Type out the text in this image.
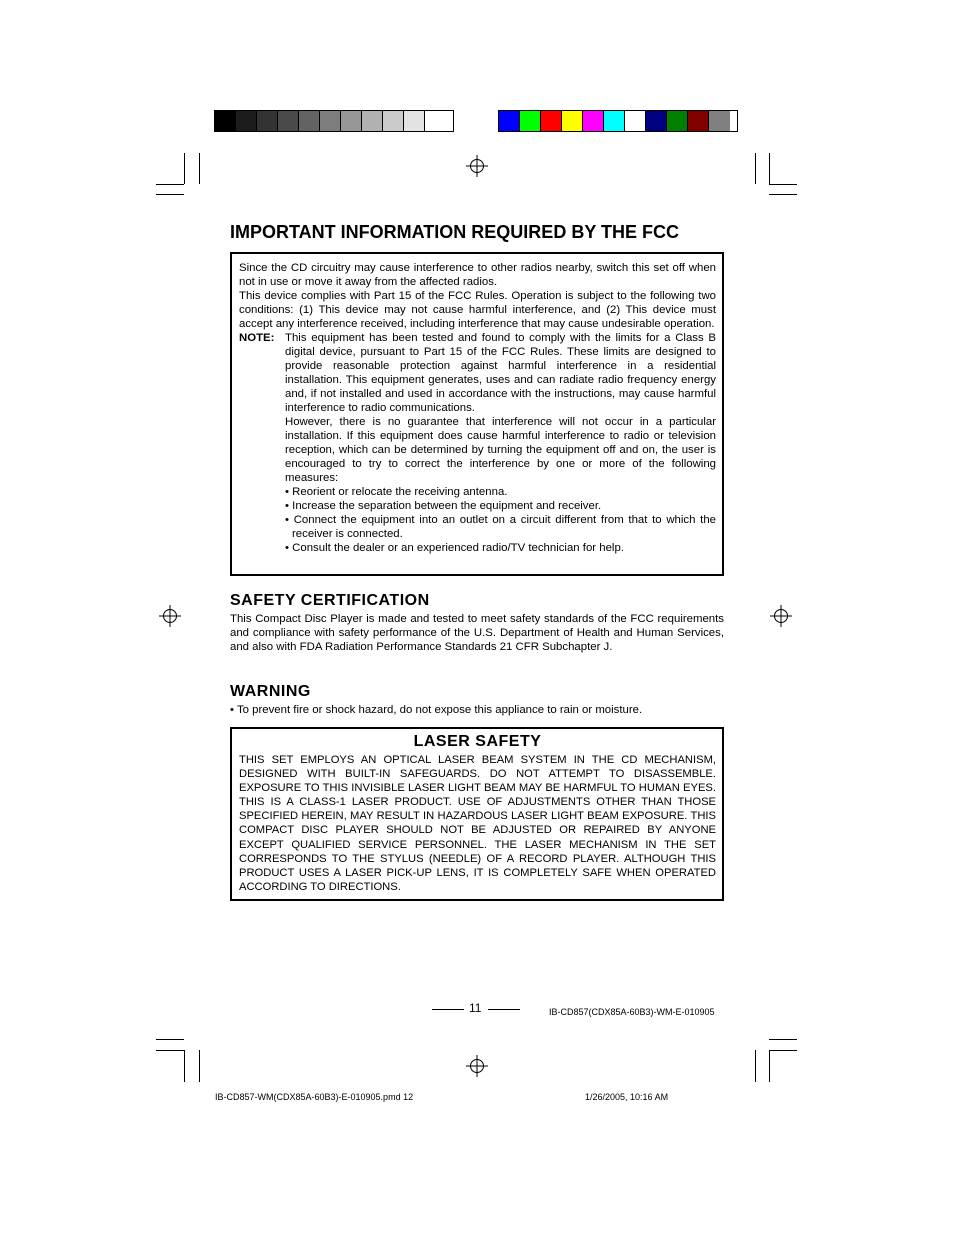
IMPORTANT INFORMATION REQUIRED BY THE FCC

Since the CD circuitry may cause interference to other radios nearby, switch this set off when not in use or move it away from the affected radios.

This device complies with Part 15 of the FCC Rules. Operation is subject to the following two conditions: (1) This device may not cause harmful interference, and (2) This device must accept any interference received, including interference that may cause undesirable operation.

NOTE: This equipment has been tested and found to comply with the limits for a Class B digital device, pursuant to Part 15 of the FCC Rules. These limits are designed to provide reasonable protection against harmful interference in a residential installation. This equipment generates, uses and can radiate radio frequency energy and, if not installed and used in accordance with the instructions, may cause harmful interference to radio communications.

However, there is no guarantee that interference will not occur in a particular installation. If this equipment does cause harmful interference to radio or television reception, which can be determined by turning the equipment off and on, the user is encouraged to try to correct the interference by one or more of the following measures:

• Reorient or relocate the receiving antenna.

• Increase the separation between the equipment and receiver.

• Connect the equipment into an outlet on a circuit different from that to which the receiver is connected.

• Consult the dealer or an experienced radio/TV technician for help.

SAFETY CERTIFICATION
This Compact Disc Player is made and tested to meet safety standards of the FCC requirements and compliance with safety performance of the U.S. Department of Health and Human Services, and also with FDA Radiation Performance Standards 21 CFR Subchapter J.
WARNING
• To prevent fire or shock hazard, do not expose this appliance to rain or moisture.
LASER SAFETY

THIS SET EMPLOYS AN OPTICAL LASER BEAM SYSTEM IN THE CD MECHANISM, DESIGNED WITH BUILT-IN SAFEGUARDS. DO NOT ATTEMPT TO DISASSEMBLE. EXPOSURE TO THIS INVISIBLE LASER LIGHT BEAM MAY BE HARMFUL TO HUMAN EYES. THIS IS A CLASS-1 LASER PRODUCT. USE OF ADJUSTMENTS OTHER THAN THOSE SPECIFIED HEREIN, MAY RESULT IN HAZARDOUS LASER LIGHT BEAM EXPOSURE. THIS COMPACT DISC PLAYER SHOULD NOT BE ADJUSTED OR REPAIRED BY ANYONE EXCEPT QUALIFIED SERVICE PERSONNEL. THE LASER MECHANISM IN THE SET CORRESPONDS TO THE STYLUS (NEEDLE) OF A RECORD PLAYER. ALTHOUGH THIS PRODUCT USES A LASER PICK-UP LENS, IT IS COMPLETELY SAFE WHEN OPERATED ACCORDING TO DIRECTIONS.

11	IB-CD857(CDX85A-60B3)-WM-E-010905
IB-CD857-WM(CDX85A-60B3)-E-010905.pmd 12	1/26/2005, 10:16 AM
